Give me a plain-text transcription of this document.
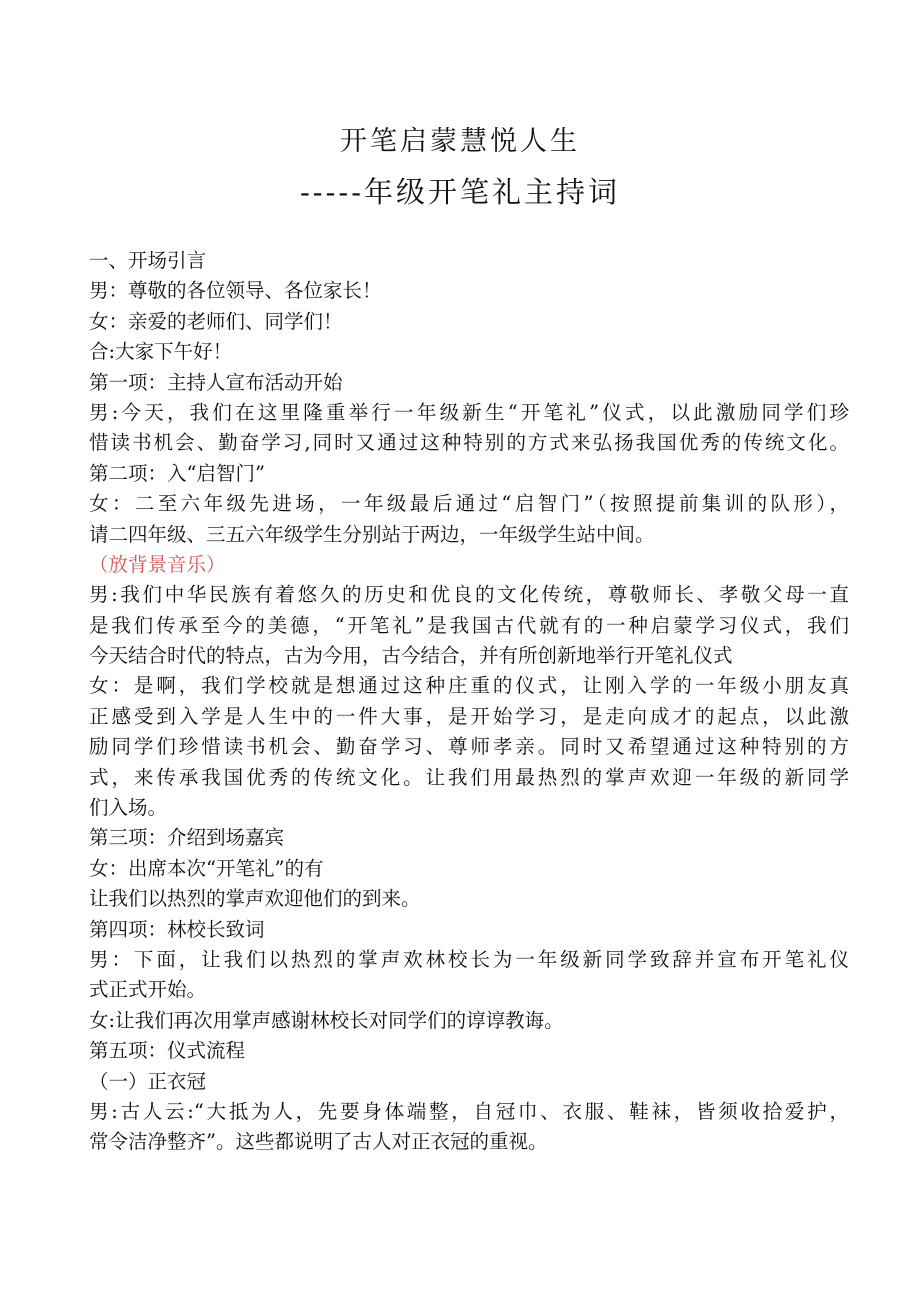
开笔启蒙慧悦人生
-----年级开笔礼主持词
一、开场引言
男：尊敬的各位领导、各位家长！
女：亲爱的老师们、同学们！
合:大家下午好！
第一项：主持人宣布活动开始
男:今天，我们在这里隆重举行一年级新生“开笔礼”仪式，以此激励同学们珍
惜读书机会、勤奋学习,同时又通过这种特别的方式来弘扬我国优秀的传统文化。
第二项：入“启智门”
女：二至六年级先进场，一年级最后通过“启智门”（按照提前集训的队形），
请二四年级、三五六年级学生分别站于两边，一年级学生站中间。
（放背景音乐）
男:我们中华民族有着悠久的历史和优良的文化传统，尊敬师长、孝敬父母一直
是我们传承至今的美德，“开笔礼”是我国古代就有的一种启蒙学习仪式，我们
今天结合时代的特点，古为今用，古今结合，并有所创新地举行开笔礼仪式
女：是啊，我们学校就是想通过这种庄重的仪式，让刚入学的一年级小朋友真
正感受到入学是人生中的一件大事，是开始学习，是走向成才的起点，以此激
励同学们珍惜读书机会、勤奋学习、尊师孝亲。同时又希望通过这种特别的方
式，来传承我国优秀的传统文化。让我们用最热烈的掌声欢迎一年级的新同学
们入场。
第三项：介绍到场嘉宾
女：出席本次“开笔礼”的有
让我们以热烈的掌声欢迎他们的到来。
第四项：林校长致词
男：下面，让我们以热烈的掌声欢林校长为一年级新同学致辞并宣布开笔礼仪
式正式开始。
女:让我们再次用掌声感谢林校长对同学们的谆谆教诲。
第五项：仪式流程
（一）正衣冠
男:古人云:“大抵为人，先要身体端整，自冠巾、衣服、鞋袜，皆须收拾爱护，
常令洁净整齐”。这些都说明了古人对正衣冠的重视。
